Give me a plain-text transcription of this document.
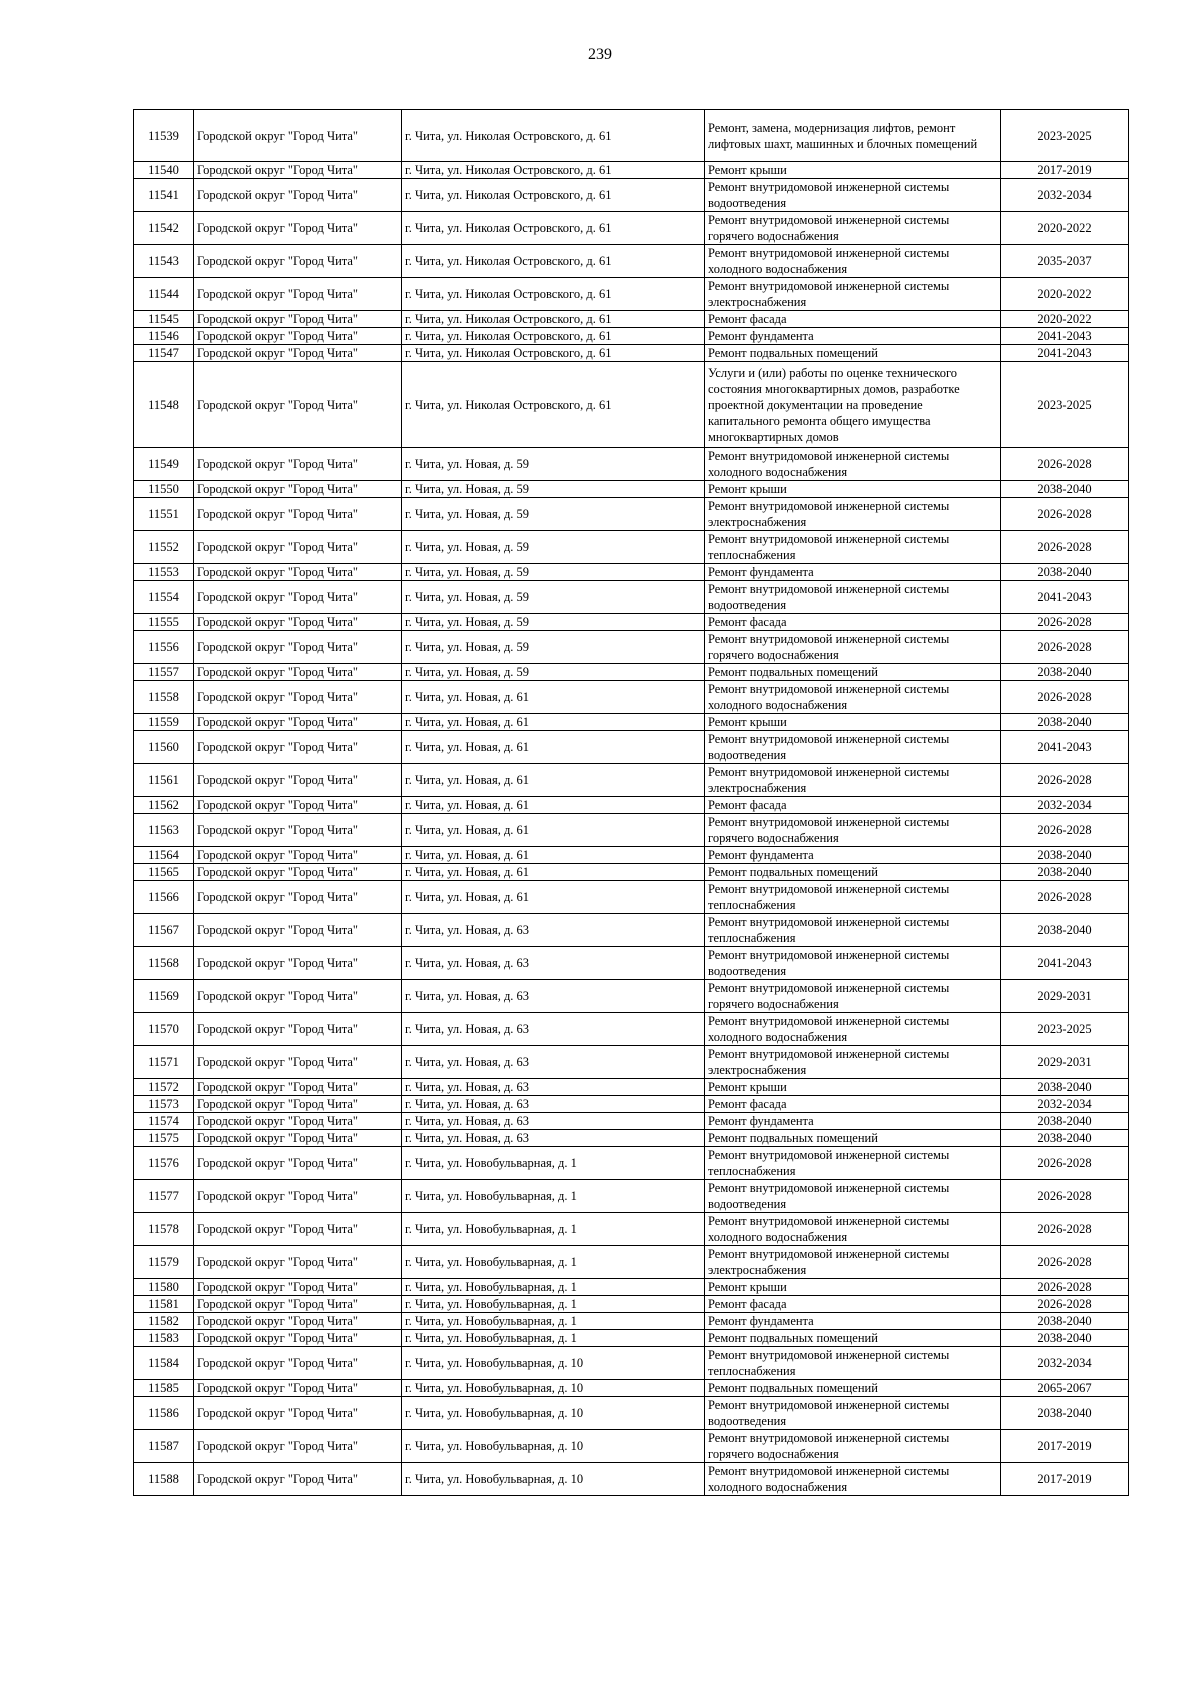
239
11539	Городской округ "Город Чита"	г. Чита, ул. Николая Островского, д. 61	Ремонт, замена, модернизация лифтов, ремонт лифтовых шахт, машинных и блочных помещений	2023-2025
11540	Городской округ "Город Чита"	г. Чита, ул. Николая Островского, д. 61	Ремонт крыши	2017-2019
11541	Городской округ "Город Чита"	г. Чита, ул. Николая Островского, д. 61	Ремонт внутридомовой инженерной системы водоотведения	2032-2034
11542	Городской округ "Город Чита"	г. Чита, ул. Николая Островского, д. 61	Ремонт внутридомовой инженерной системы горячего водоснабжения	2020-2022
11543	Городской округ "Город Чита"	г. Чита, ул. Николая Островского, д. 61	Ремонт внутридомовой инженерной системы холодного водоснабжения	2035-2037
11544	Городской округ "Город Чита"	г. Чита, ул. Николая Островского, д. 61	Ремонт внутридомовой инженерной системы электроснабжения	2020-2022
11545	Городской округ "Город Чита"	г. Чита, ул. Николая Островского, д. 61	Ремонт фасада	2020-2022
11546	Городской округ "Город Чита"	г. Чита, ул. Николая Островского, д. 61	Ремонт фундамента	2041-2043
11547	Городской округ "Город Чита"	г. Чита, ул. Николая Островского, д. 61	Ремонт подвальных помещений	2041-2043
11548	Городской округ "Город Чита"	г. Чита, ул. Николая Островского, д. 61	Услуги и (или) работы по оценке технического состояния многоквартирных домов, разработке проектной документации на проведение капитального ремонта общего имущества многоквартирных домов	2023-2025
11549	Городской округ "Город Чита"	г. Чита, ул. Новая, д. 59	Ремонт внутридомовой инженерной системы холодного водоснабжения	2026-2028
11550	Городской округ "Город Чита"	г. Чита, ул. Новая, д. 59	Ремонт крыши	2038-2040
11551	Городской округ "Город Чита"	г. Чита, ул. Новая, д. 59	Ремонт внутридомовой инженерной системы электроснабжения	2026-2028
11552	Городской округ "Город Чита"	г. Чита, ул. Новая, д. 59	Ремонт внутридомовой инженерной системы теплоснабжения	2026-2028
11553	Городской округ "Город Чита"	г. Чита, ул. Новая, д. 59	Ремонт фундамента	2038-2040
11554	Городской округ "Город Чита"	г. Чита, ул. Новая, д. 59	Ремонт внутридомовой инженерной системы водоотведения	2041-2043
11555	Городской округ "Город Чита"	г. Чита, ул. Новая, д. 59	Ремонт фасада	2026-2028
11556	Городской округ "Город Чита"	г. Чита, ул. Новая, д. 59	Ремонт внутридомовой инженерной системы горячего водоснабжения	2026-2028
11557	Городской округ "Город Чита"	г. Чита, ул. Новая, д. 59	Ремонт подвальных помещений	2038-2040
11558	Городской округ "Город Чита"	г. Чита, ул. Новая, д. 61	Ремонт внутридомовой инженерной системы холодного водоснабжения	2026-2028
11559	Городской округ "Город Чита"	г. Чита, ул. Новая, д. 61	Ремонт крыши	2038-2040
11560	Городской округ "Город Чита"	г. Чита, ул. Новая, д. 61	Ремонт внутридомовой инженерной системы водоотведения	2041-2043
11561	Городской округ "Город Чита"	г. Чита, ул. Новая, д. 61	Ремонт внутридомовой инженерной системы электроснабжения	2026-2028
11562	Городской округ "Город Чита"	г. Чита, ул. Новая, д. 61	Ремонт фасада	2032-2034
11563	Городской округ "Город Чита"	г. Чита, ул. Новая, д. 61	Ремонт внутридомовой инженерной системы горячего водоснабжения	2026-2028
11564	Городской округ "Город Чита"	г. Чита, ул. Новая, д. 61	Ремонт фундамента	2038-2040
11565	Городской округ "Город Чита"	г. Чита, ул. Новая, д. 61	Ремонт подвальных помещений	2038-2040
11566	Городской округ "Город Чита"	г. Чита, ул. Новая, д. 61	Ремонт внутридомовой инженерной системы теплоснабжения	2026-2028
11567	Городской округ "Город Чита"	г. Чита, ул. Новая, д. 63	Ремонт внутридомовой инженерной системы теплоснабжения	2038-2040
11568	Городской округ "Город Чита"	г. Чита, ул. Новая, д. 63	Ремонт внутридомовой инженерной системы водоотведения	2041-2043
11569	Городской округ "Город Чита"	г. Чита, ул. Новая, д. 63	Ремонт внутридомовой инженерной системы горячего водоснабжения	2029-2031
11570	Городской округ "Город Чита"	г. Чита, ул. Новая, д. 63	Ремонт внутридомовой инженерной системы холодного водоснабжения	2023-2025
11571	Городской округ "Город Чита"	г. Чита, ул. Новая, д. 63	Ремонт внутридомовой инженерной системы электроснабжения	2029-2031
11572	Городской округ "Город Чита"	г. Чита, ул. Новая, д. 63	Ремонт крыши	2038-2040
11573	Городской округ "Город Чита"	г. Чита, ул. Новая, д. 63	Ремонт фасада	2032-2034
11574	Городской округ "Город Чита"	г. Чита, ул. Новая, д. 63	Ремонт фундамента	2038-2040
11575	Городской округ "Город Чита"	г. Чита, ул. Новая, д. 63	Ремонт подвальных помещений	2038-2040
11576	Городской округ "Город Чита"	г. Чита, ул. Новобульварная, д. 1	Ремонт внутридомовой инженерной системы теплоснабжения	2026-2028
11577	Городской округ "Город Чита"	г. Чита, ул. Новобульварная, д. 1	Ремонт внутридомовой инженерной системы водоотведения	2026-2028
11578	Городской округ "Город Чита"	г. Чита, ул. Новобульварная, д. 1	Ремонт внутридомовой инженерной системы холодного водоснабжения	2026-2028
11579	Городской округ "Город Чита"	г. Чита, ул. Новобульварная, д. 1	Ремонт внутридомовой инженерной системы электроснабжения	2026-2028
11580	Городской округ "Город Чита"	г. Чита, ул. Новобульварная, д. 1	Ремонт крыши	2026-2028
11581	Городской округ "Город Чита"	г. Чита, ул. Новобульварная, д. 1	Ремонт фасада	2026-2028
11582	Городской округ "Город Чита"	г. Чита, ул. Новобульварная, д. 1	Ремонт фундамента	2038-2040
11583	Городской округ "Город Чита"	г. Чита, ул. Новобульварная, д. 1	Ремонт подвальных помещений	2038-2040
11584	Городской округ "Город Чита"	г. Чита, ул. Новобульварная, д. 10	Ремонт внутридомовой инженерной системы теплоснабжения	2032-2034
11585	Городской округ "Город Чита"	г. Чита, ул. Новобульварная, д. 10	Ремонт подвальных помещений	2065-2067
11586	Городской округ "Город Чита"	г. Чита, ул. Новобульварная, д. 10	Ремонт внутридомовой инженерной системы водоотведения	2038-2040
11587	Городской округ "Город Чита"	г. Чита, ул. Новобульварная, д. 10	Ремонт внутридомовой инженерной системы горячего водоснабжения	2017-2019
11588	Городской округ "Город Чита"	г. Чита, ул. Новобульварная, д. 10	Ремонт внутридомовой инженерной системы холодного водоснабжения	2017-2019
